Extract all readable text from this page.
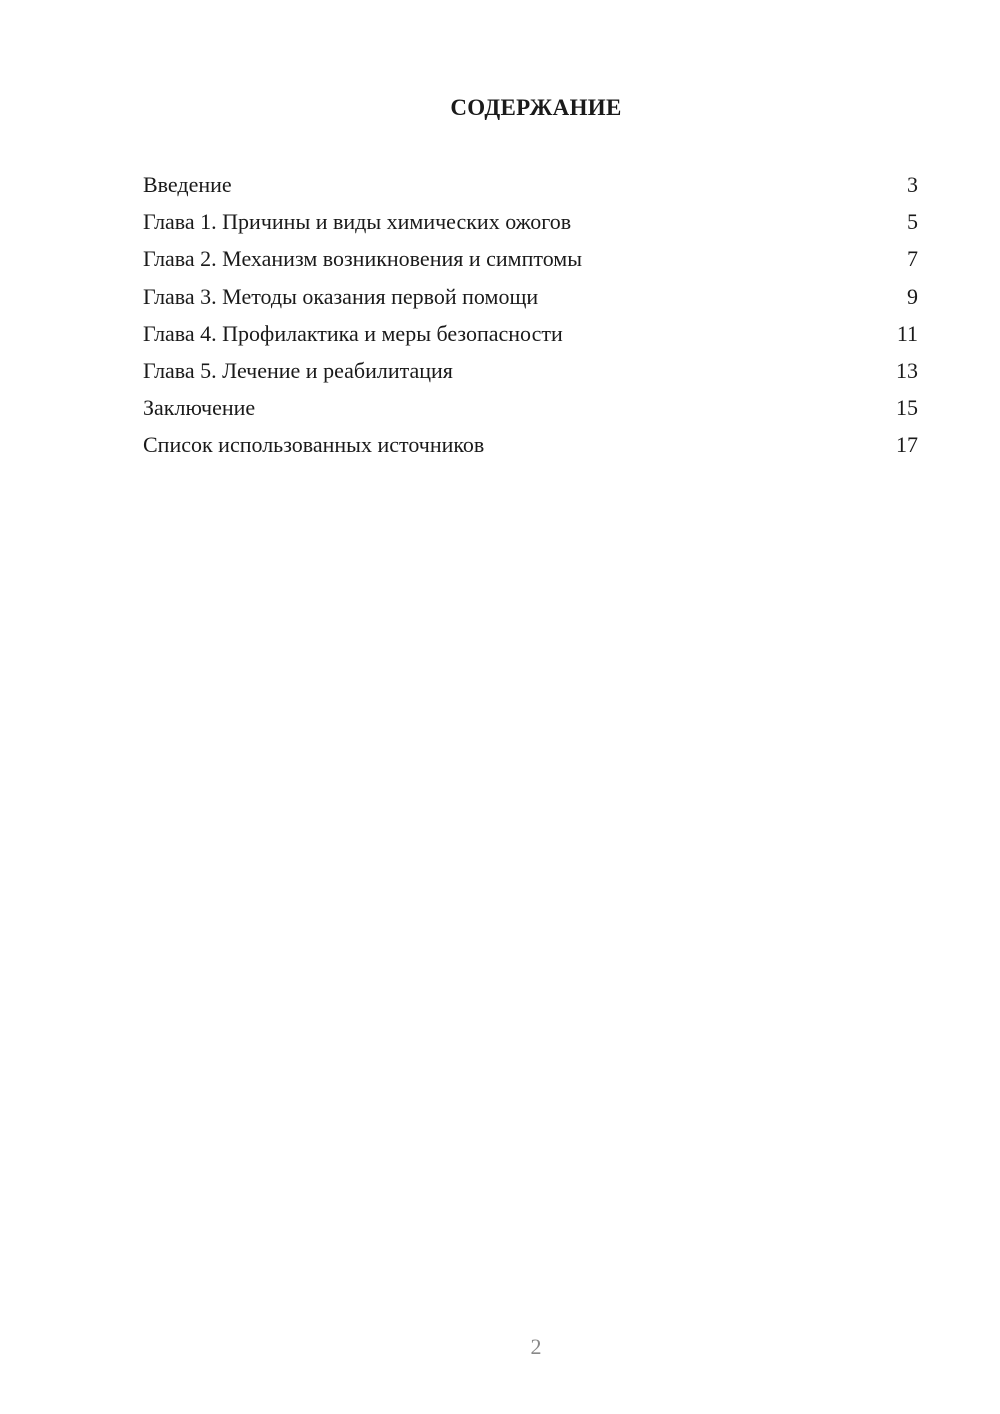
СОДЕРЖАНИЕ
Введение	3
Глава 1. Причины и виды химических ожогов	5
Глава 2. Механизм возникновения и симптомы	7
Глава 3. Методы оказания первой помощи	9
Глава 4. Профилактика и меры безопасности	11
Глава 5. Лечение и реабилитация	13
Заключение	15
Список использованных источников	17
2
